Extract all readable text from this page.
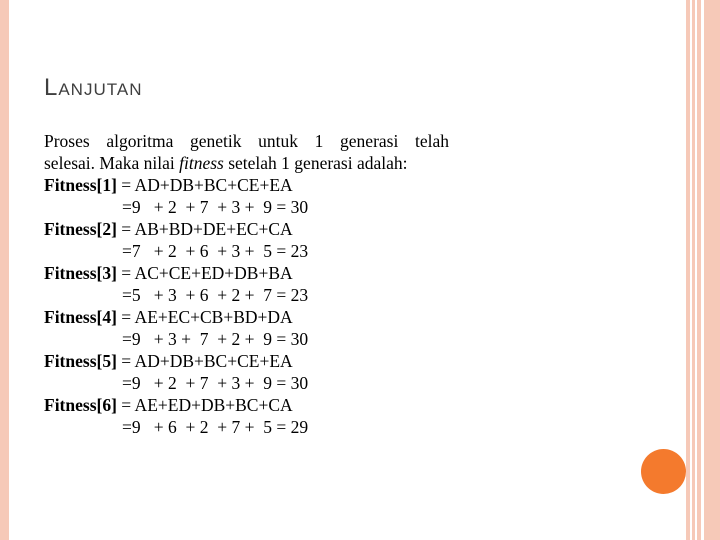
Lanjutan

Proses algoritma genetik untuk 1 generasi telah

selesai. Maka nilai fitness setelah 1 generasi adalah:

Fitness[1] = AD+DB+BC+CE+EA

=9   + 2  + 7  + 3 +  9 = 30

Fitness[2] = AB+BD+DE+EC+CA

=7   + 2  + 6  + 3 +  5 = 23

Fitness[3] = AC+CE+ED+DB+BA

=5   + 3  + 6  + 2 +  7 = 23

Fitness[4] = AE+EC+CB+BD+DA

=9   + 3 +  7  + 2 +  9 = 30

Fitness[5] = AD+DB+BC+CE+EA

=9   + 2  + 7  + 3 +  9 = 30

Fitness[6] = AE+ED+DB+BC+CA

=9   + 6  + 2  + 7 +  5 = 29
